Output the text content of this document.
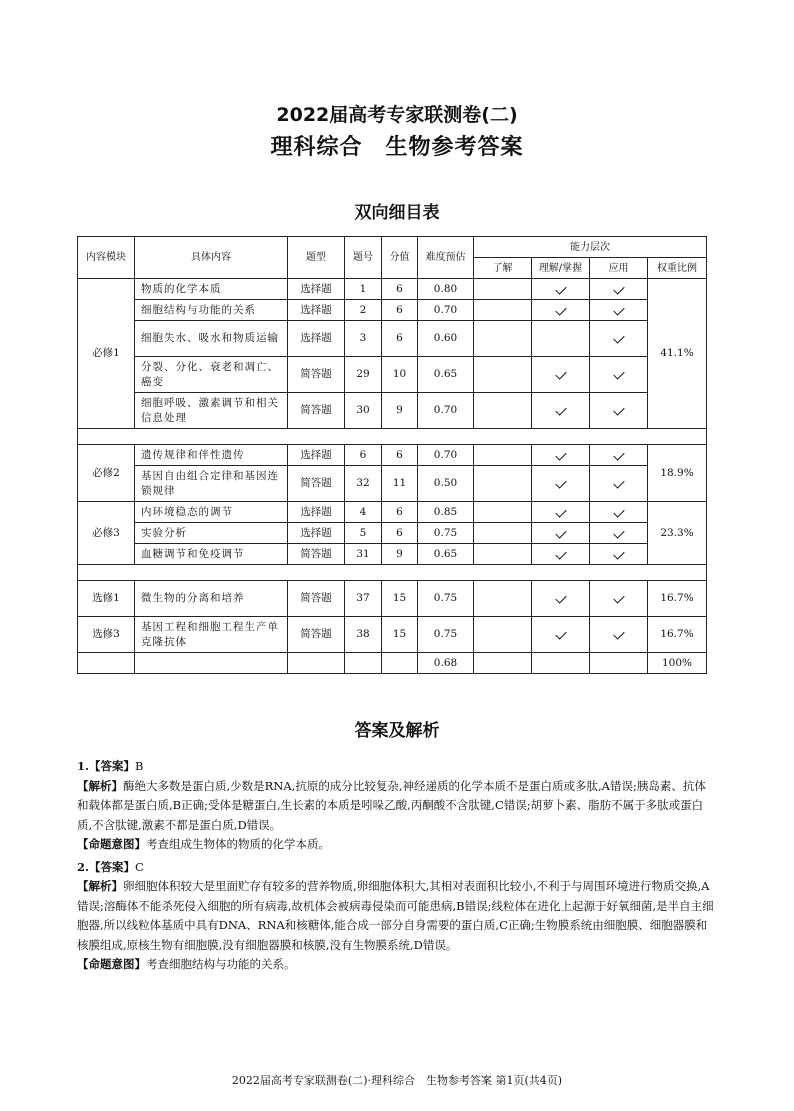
2022届高考专家联测卷(二)
理科综合　生物参考答案
双向细目表
内容模块	具体内容	题型	题号	分值	难度预估	能力层次			
						了解	理解/掌握	应用	权重比例
必修1	物质的化学本质	选择题	1	6	0.80				41.1%
	细胞结构与功能的关系	选择题	2	6	0.70				
	细胞失水、吸水和物质运输	选择题	3	6	0.60				
	分裂、分化、衰老和凋亡、癌变	简答题	29	10	0.65				
	细胞呼吸、激素调节和相关信息处理	简答题	30	9	0.70				

必修2	遗传规律和伴性遗传	选择题	6	6	0.70				18.9%
	基因自由组合定律和基因连锁规律	简答题	32	11	0.50				
必修3	内环境稳态的调节	选择题	4	6	0.85				23.3%
	实验分析	选择题	5	6	0.75				
	血糖调节和免疫调节	简答题	31	9	0.65				

选修1	微生物的分离和培养	简答题	37	15	0.75				16.7%
选修3	基因工程和细胞工程生产单克隆抗体	简答题	38	15	0.75				16.7%
					0.68				100%
答案及解析

1.【答案】B

【解析】酶绝大多数是蛋白质,少数是RNA,抗原的成分比较复杂,神经递质的化学本质不是蛋白质或多肽,A错误;胰岛素、抗体和载体都是蛋白质,B正确;受体是糖蛋白,生长素的本质是吲哚乙酸,丙酮酸不含肽键,C错误;胡萝卜素、脂肪不属于多肽或蛋白质,不含肽键,激素不都是蛋白质,D错误。

【命题意图】考查组成生物体的物质的化学本质。

2.【答案】C

【解析】卵细胞体积较大是里面贮存有较多的营养物质,卵细胞体积大,其相对表面积比较小,不利于与周围环境进行物质交换,A错误;溶酶体不能杀死侵入细胞的所有病毒,故机体会被病毒侵染而可能患病,B错误;线粒体在进化上起源于好氧细菌,是半自主细胞器,所以线粒体基质中具有DNA、RNA和核糖体,能合成一部分自身需要的蛋白质,C正确;生物膜系统由细胞膜、细胞器膜和核膜组成,原核生物有细胞膜,没有细胞器膜和核膜,没有生物膜系统,D错误。

【命题意图】考查细胞结构与功能的关系。

2022届高考专家联测卷(二)·理科综合　生物参考答案 第1页(共4页)
